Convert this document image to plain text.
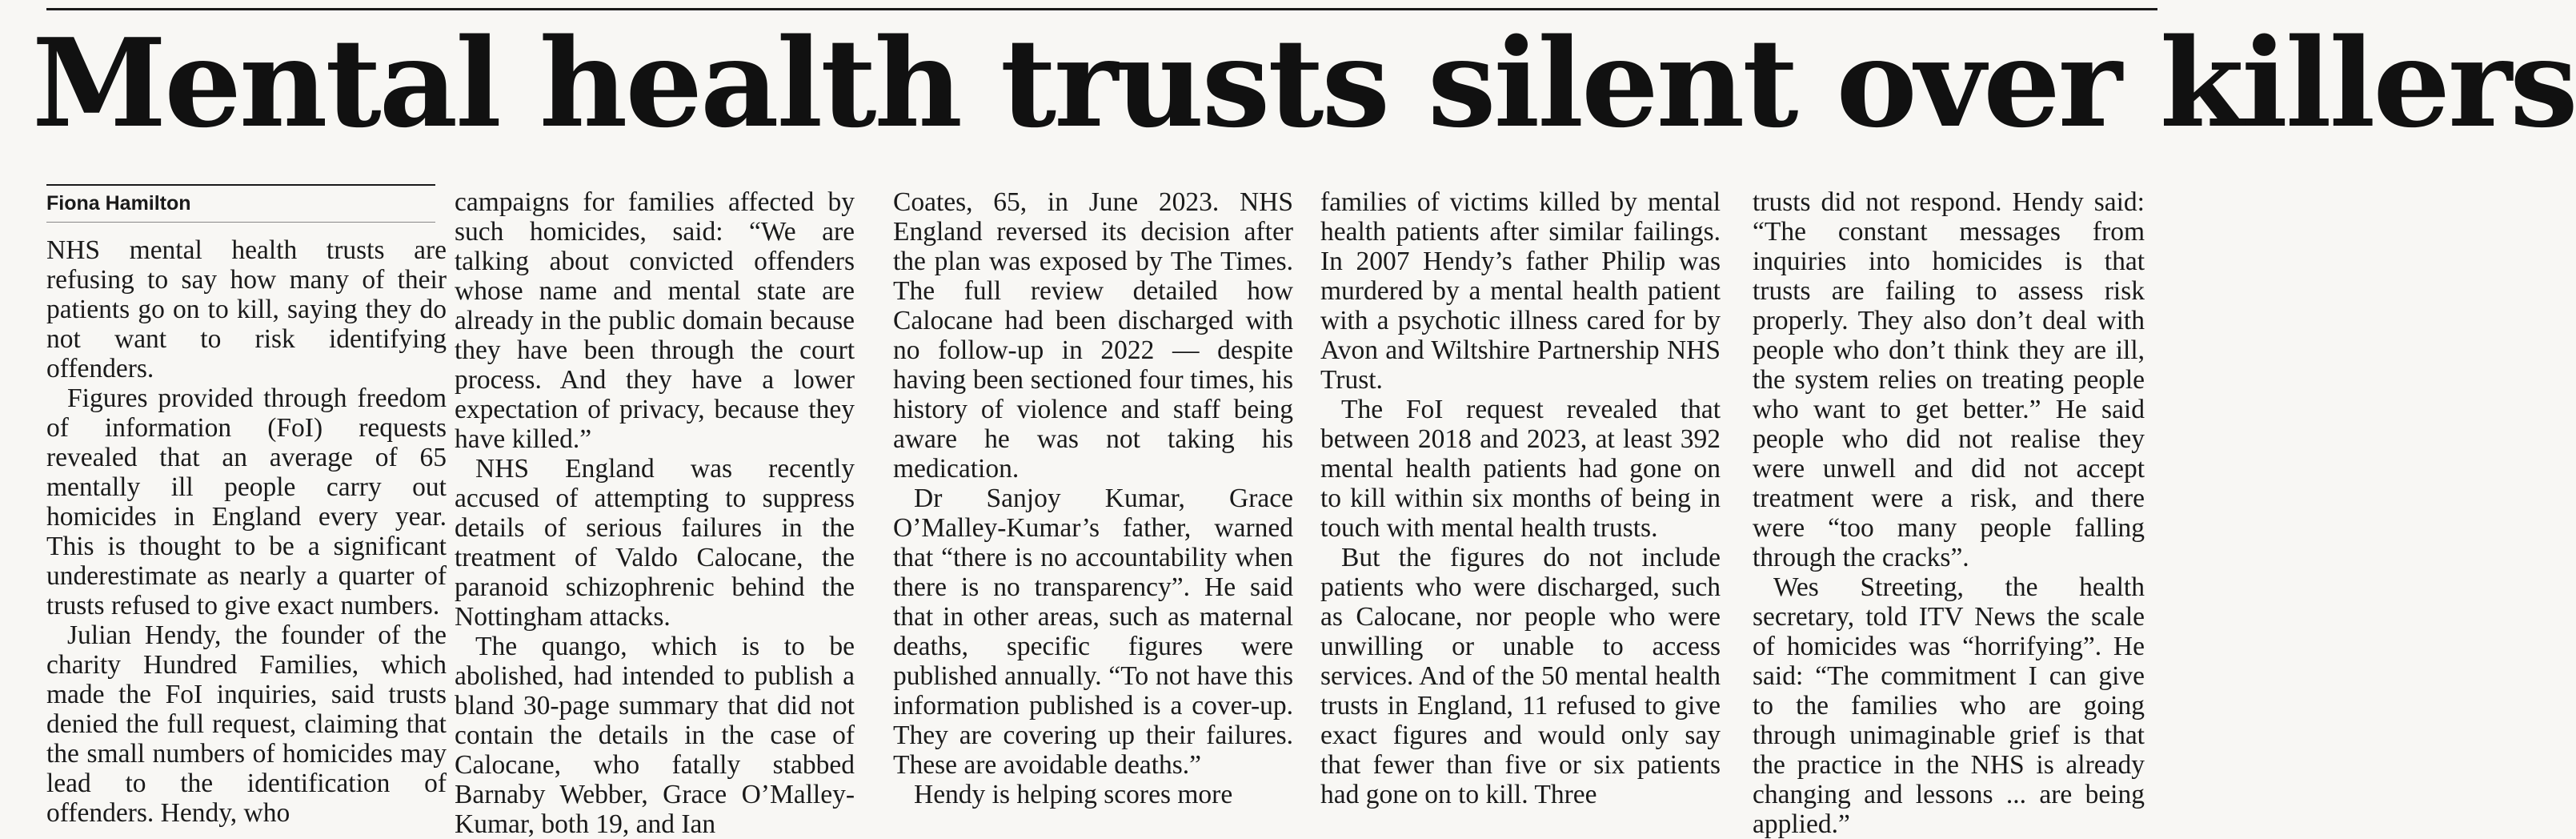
Mental health trusts silent over killers
Fiona Hamilton

NHS mental health trusts are refusing to say how many of their patients go on to kill, saying they do not want to risk identifying offenders.

Figures provided through freedom of information (FoI) requests revealed that an average of 65 mentally ill people carry out homicides in England every year. This is thought to be a significant underestimate as nearly a quarter of trusts refused to give exact numbers.

Julian Hendy, the founder of the charity Hundred Families, which made the FoI inquiries, said trusts denied the full request, claiming that the small numbers of homicides may lead to the identification of offenders. Hendy, who

campaigns for families affected by such homicides, said: “We are talking about convicted offenders whose name and mental state are already in the public domain because they have been through the court process. And they have a lower expectation of privacy, because they have killed.”

NHS England was recently accused of attempting to suppress details of serious failures in the treatment of Valdo Calocane, the paranoid schizophrenic behind the Nottingham attacks.

The quango, which is to be abolished, had intended to publish a bland 30-page summary that did not contain the details in the case of Calocane, who fatally stabbed Barnaby Webber, Grace O’Malley-Kumar, both 19, and Ian

Coates, 65, in June 2023. NHS England reversed its decision after the plan was exposed by The Times. The full review detailed how Calocane had been discharged with no follow-up in 2022 — despite having been sectioned four times, his history of violence and staff being aware he was not taking his medication.

Dr Sanjoy Kumar, Grace O’Malley-Kumar’s father, warned that “there is no accountability when there is no transparency”. He said that in other areas, such as maternal deaths, specific figures were published annually. “To not have this information published is a cover-up. They are covering up their failures. These are avoidable deaths.”

Hendy is helping scores more

families of victims killed by mental health patients after similar failings. In 2007 Hendy’s father Philip was murdered by a mental health patient with a psychotic illness cared for by Avon and Wiltshire Partnership NHS Trust.

The FoI request revealed that between 2018 and 2023, at least 392 mental health patients had gone on to kill within six months of being in touch with mental health trusts.

But the figures do not include patients who were discharged, such as Calocane, nor people who were unwilling or unable to access services. And of the 50 mental health trusts in England, 11 refused to give exact figures and would only say that fewer than five or six patients had gone on to kill. Three

trusts did not respond. Hendy said: “The constant messages from inquiries into homicides is that trusts are failing to assess risk properly. They also don’t deal with people who don’t think they are ill, the system relies on treating people who want to get better.” He said people who did not realise they were unwell and did not accept treatment were a risk, and there were “too many people falling through the cracks”.

Wes Streeting, the health secretary, told ITV News the scale of homicides was “horrifying”. He said: “The commitment I can give to the families who are going through unimaginable grief is that the practice in the NHS is already changing and lessons ... are being applied.”
